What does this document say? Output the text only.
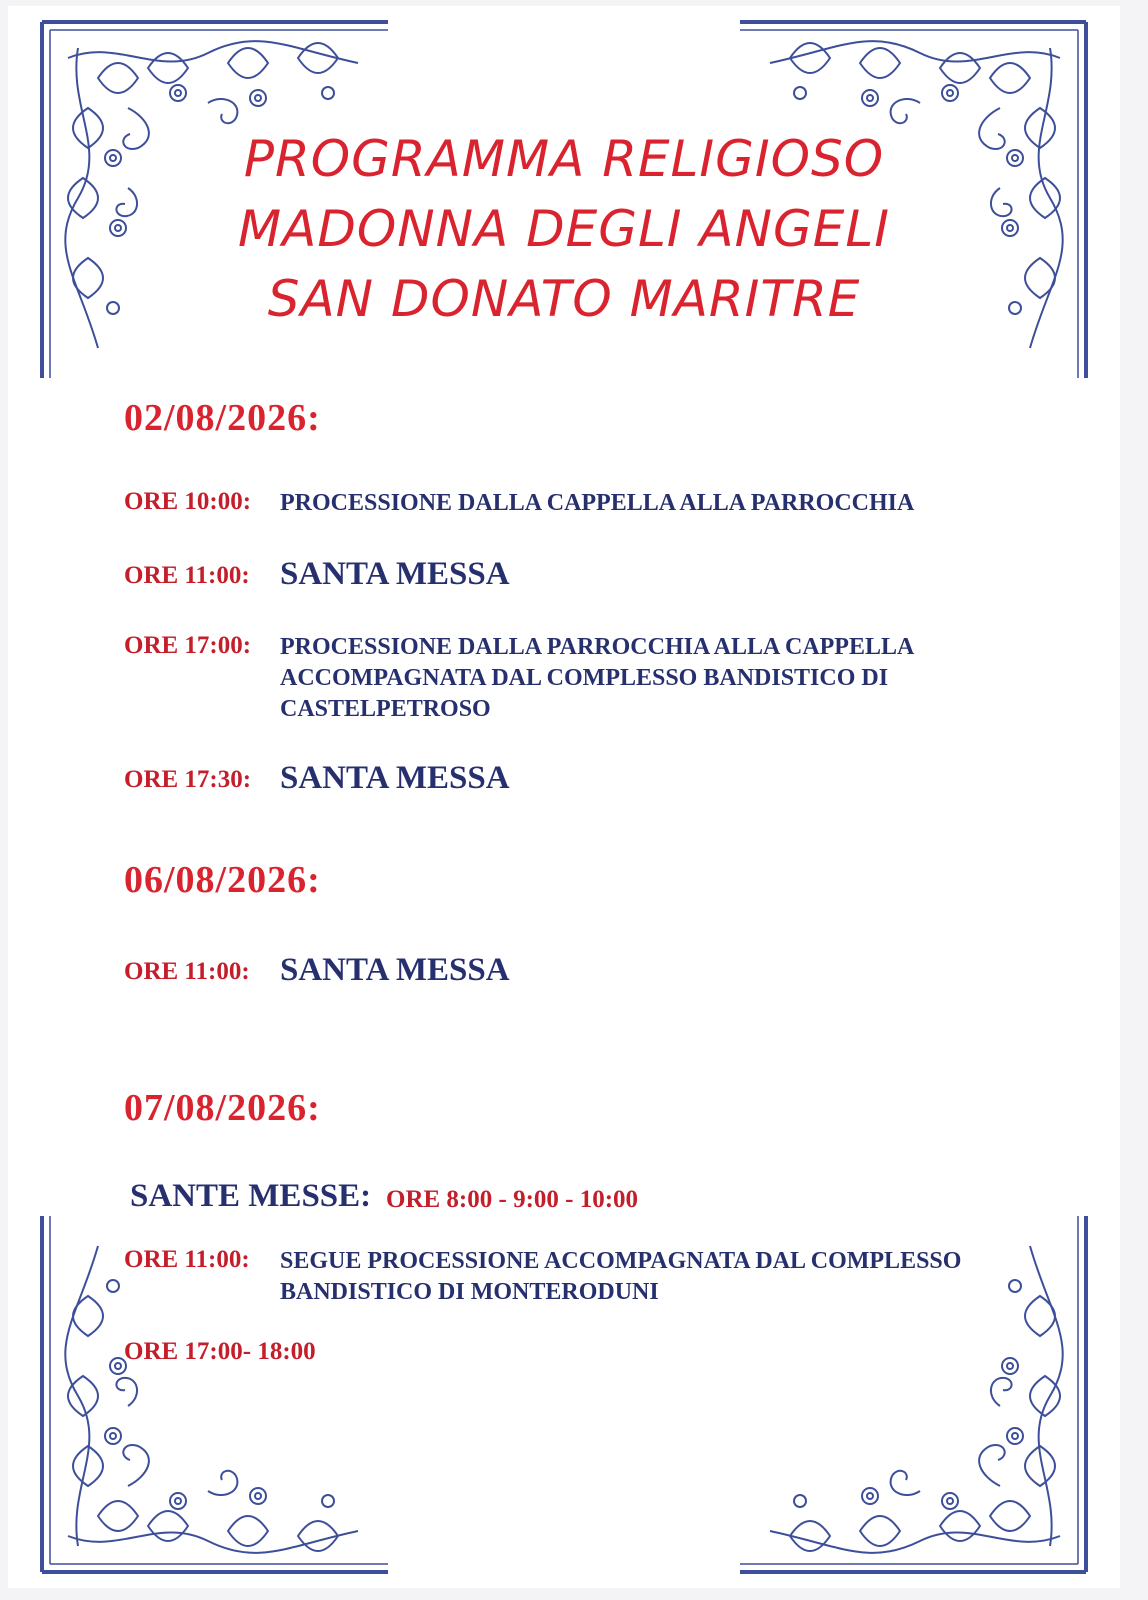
PROGRAMMA RELIGIOSO
MADONNA DEGLI ANGELI
SAN DONATO MARITRE
02/08/2026:
ORE 10:00: PROCESSIONE DALLA CAPPELLA ALLA PARROCCHIA
ORE 11:00: SANTA MESSA
ORE 17:00: PROCESSIONE DALLA PARROCCHIA ALLA CAPPELLA ACCOMPAGNATA DAL COMPLESSO BANDISTICO DI CASTELPETROSO
ORE 17:30: SANTA MESSA
06/08/2026:
ORE 11:00: SANTA MESSA
07/08/2026:
SANTE MESSE: ORE 8:00 - 9:00 - 10:00
ORE 11:00: SEGUE PROCESSIONE ACCOMPAGNATA DAL COMPLESSO BANDISTICO DI MONTERODUNI
ORE 17:00- 18:00
